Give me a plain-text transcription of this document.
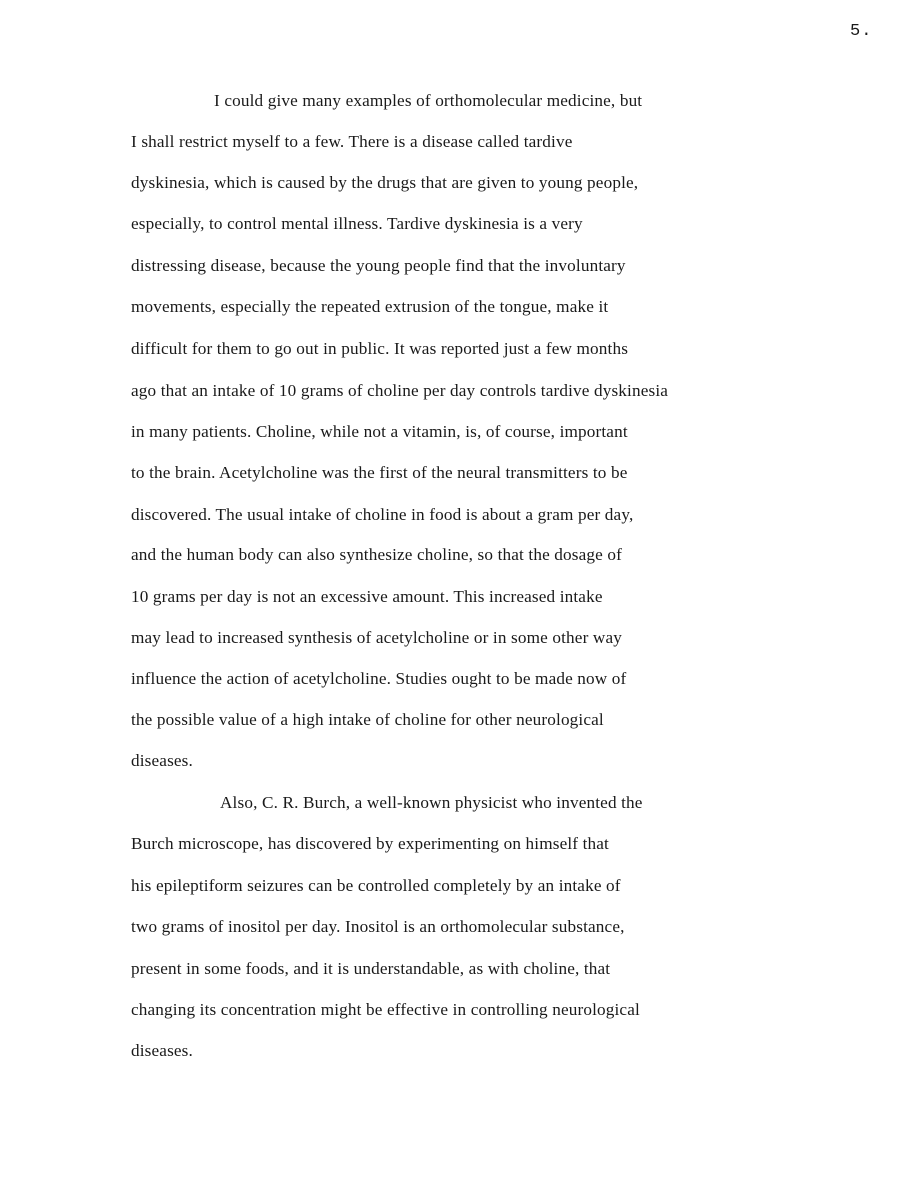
5.
I could give many examples of orthomolecular medicine, but
I shall restrict myself to a few. There is a disease called tardive
dyskinesia, which is caused by the drugs that are given to young people,
especially, to control mental illness. Tardive dyskinesia is a very
distressing disease, because the young people find that the involuntary
movements, especially the repeated extrusion of the tongue, make it
difficult for them to go out in public. It was reported just a few months
ago that an intake of 10 grams of choline per day controls tardive dyskinesia
in many patients. Choline, while not a vitamin, is, of course, important
to the brain. Acetylcholine was the first of the neural transmitters to be
discovered. The usual intake of choline in food is about a gram per day,
and the human body can also synthesize choline, so that the dosage of
10 grams per day is not an excessive amount. This increased intake
may lead to increased synthesis of acetylcholine or in some other way
influence the action of acetylcholine. Studies ought to be made now of
the possible value of a high intake of choline for other neurological
diseases.
Also, C. R. Burch, a well-known physicist who invented the
Burch microscope, has discovered by experimenting on himself that
his epileptiform seizures can be controlled completely by an intake of
two grams of inositol per day. Inositol is an orthomolecular substance,
present in some foods, and it is understandable, as with choline, that
changing its concentration might be effective in controlling neurological
diseases.
